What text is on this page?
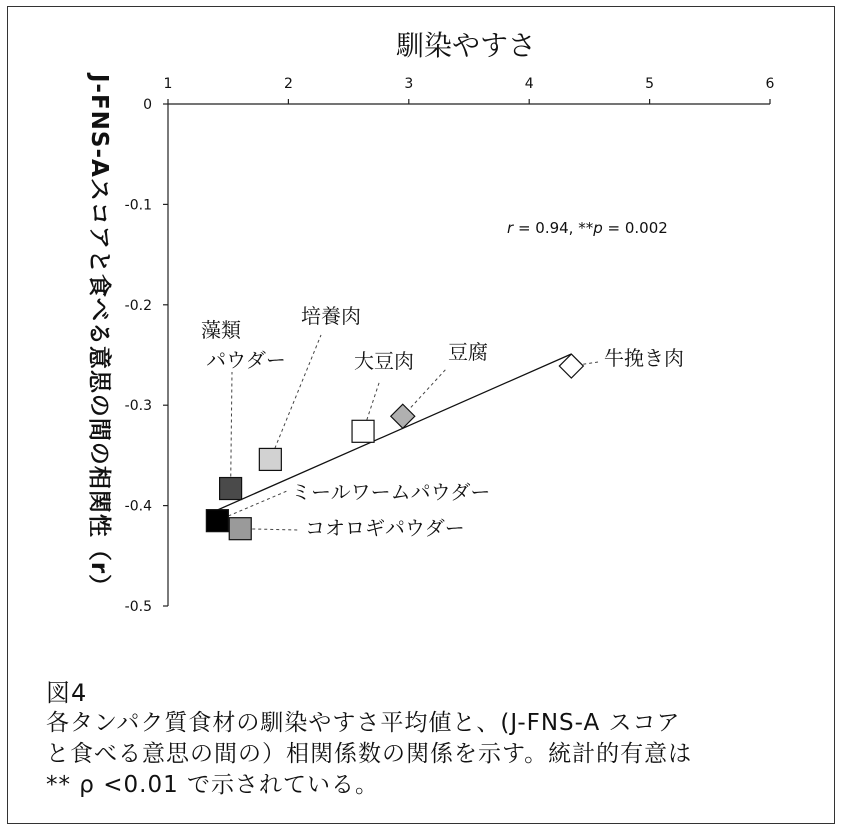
馴染やすさ
J-FNS-Aスコアと食べる意思の間の相関性（r）	1	2	3	4	5	6
0
-0.1
-0.2
-0.3
-0.4
-0.5
r = 0.94, **p = 0.002
藻類
パウダー
培養肉
大豆肉 豆腐	牛挽き肉
ミールワームパウダー
コオロギパウダー
図4
各タンパク質食材の馴染やすさ平均値と、(J-FNS-A スコア
と食べる意思の間の）相関係数の関係を示す。統計的有意は
** ρ <0.01 で示されている。
